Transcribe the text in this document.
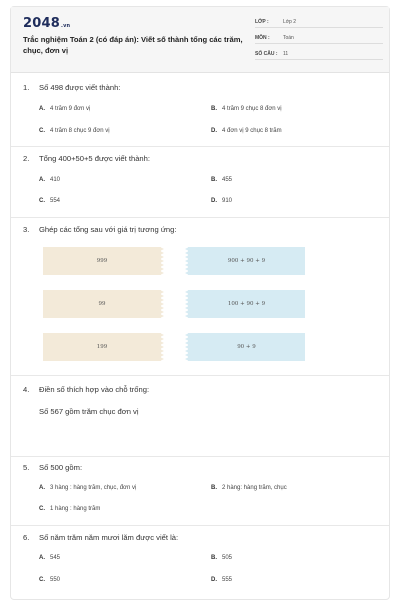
2048.vn
Trắc nghiệm Toán 2 (có đáp án): Viết số thành tổng các trăm, chục, đơn vị
LỚP :	Lớp 2
MÔN :	Toán
SỐ CÂU : 11
1.	Số 498 được viết thành:
A. 4 trăm 9 đơn vị	B. 4 trăm 9 chục 8 đơn vị
C. 4 trăm 8 chục 9 đơn vị	D. 4 đơn vị 9 chục 8 trăm
2.	Tổng 400+50+5 được viết thành:
A. 410	B. 455
C. 554	D. 910
3.	Ghép các tổng sau với giá trị tương ứng:
999	900 + 90 + 9
99	100 + 90 + 9
199	90 + 9
4.	Điền số thích hợp vào chỗ trống:
Số 567 gồm trăm chục đơn vị
5.	Số 500 gồm:
A. 3 hàng : hàng trăm, chục, đơn vị	B. 2 hàng: hàng trăm, chục
C. 1 hàng : hàng trăm
6.	Số năm trăm năm mươi lăm được viết là:
A. 545	B. 505
C. 550	D. 555
